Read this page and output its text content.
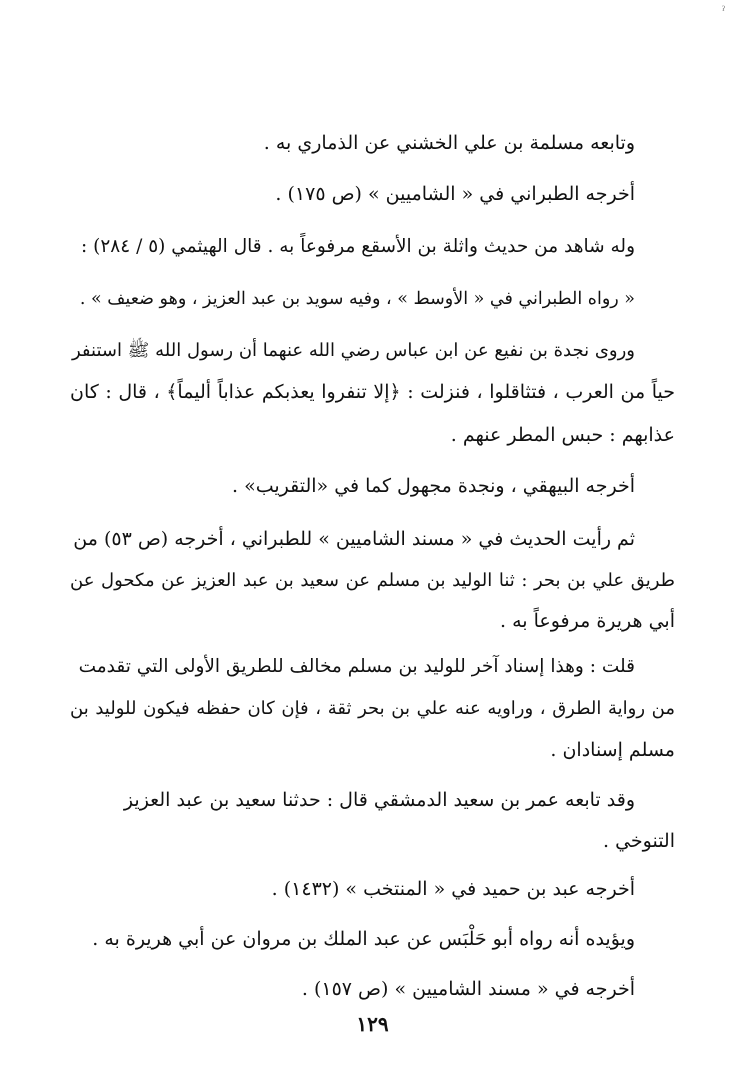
ˀ
وتابعه مسلمة بن علي الخشني عن الذماري به .
أخرجه الطبراني في « الشاميين » (ص ١٧٥) .
وله شاهد من حديث واثلة بن الأسقع مرفوعاً به . قال الهيثمي (٥ / ٢٨٤) :
« رواه الطبراني في « الأوسط » ، وفيه سويد بن عبد العزيز ، وهو ضعيف » .
وروى نجدة بن نفيع عن ابن عباس رضي الله عنهما أن رسول الله ﷺ استنفر
حياً من العرب ، فتثاقلوا ، فنزلت : ﴿إلا تنفروا يعذبكم عذاباً أليماً﴾ ، قال : كان
عذابهم : حبس المطر عنهم .
أخرجه البيهقي ، ونجدة مجهول كما في «التقريب» .
ثم رأيت الحديث في « مسند الشاميين » للطبراني ، أخرجه (ص ٥٣) من
طريق علي بن بحر : ثنا الوليد بن مسلم عن سعيد بن عبد العزيز عن مكحول عن
أبي هريرة مرفوعاً به .
قلت : وهذا إسناد آخر للوليد بن مسلم مخالف للطريق الأولى التي تقدمت
من رواية الطرق ، وراويه عنه علي بن بحر ثقة ، فإن كان حفظه فيكون للوليد بن
مسلم إسنادان .
وقد تابعه عمر بن سعيد الدمشقي قال : حدثنا سعيد بن عبد العزيز
التنوخي .
أخرجه عبد بن حميد في « المنتخب » (١٤٣٢) .
ويؤيده أنه رواه أبو حَلْبَس عن عبد الملك بن مروان عن أبي هريرة به .
أخرجه في « مسند الشاميين » (ص ١٥٧) .
١٢٩
